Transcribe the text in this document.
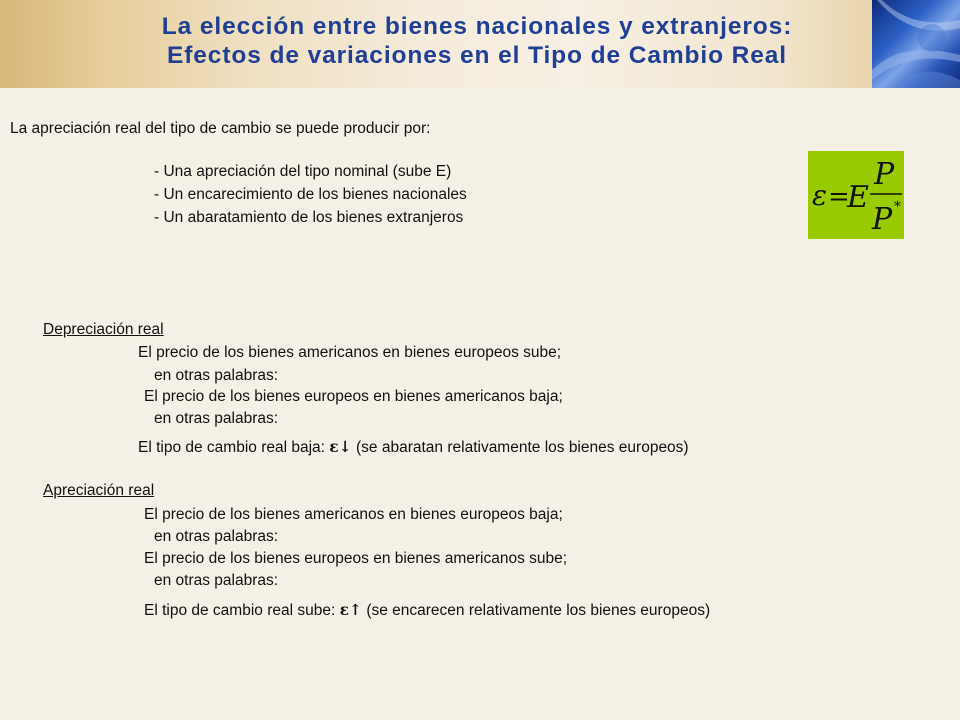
La elección entre bienes nacionales y extranjeros:
Efectos de variaciones en el Tipo de Cambio Real
La apreciación real del tipo de cambio se puede producir por:
- Una apreciación del tipo nominal (sube E)
- Un encarecimiento de los bienes nacionales
- Un abaratamiento de los bienes extranjeros
ε =
E
P
P *
Depreciación real
El precio de los bienes americanos en bienes europeos sube;
en otras palabras:
El precio de los bienes europeos en bienes americanos baja;
en otras palabras:
El tipo de cambio real baja: ε↓ (se abaratan relativamente los bienes europeos)
Apreciación real
El precio de los bienes americanos en bienes europeos baja;
en otras palabras:
El precio de los bienes europeos en bienes americanos sube;
en otras palabras:
El tipo de cambio real sube: ε↑ (se encarecen relativamente los bienes europeos)
